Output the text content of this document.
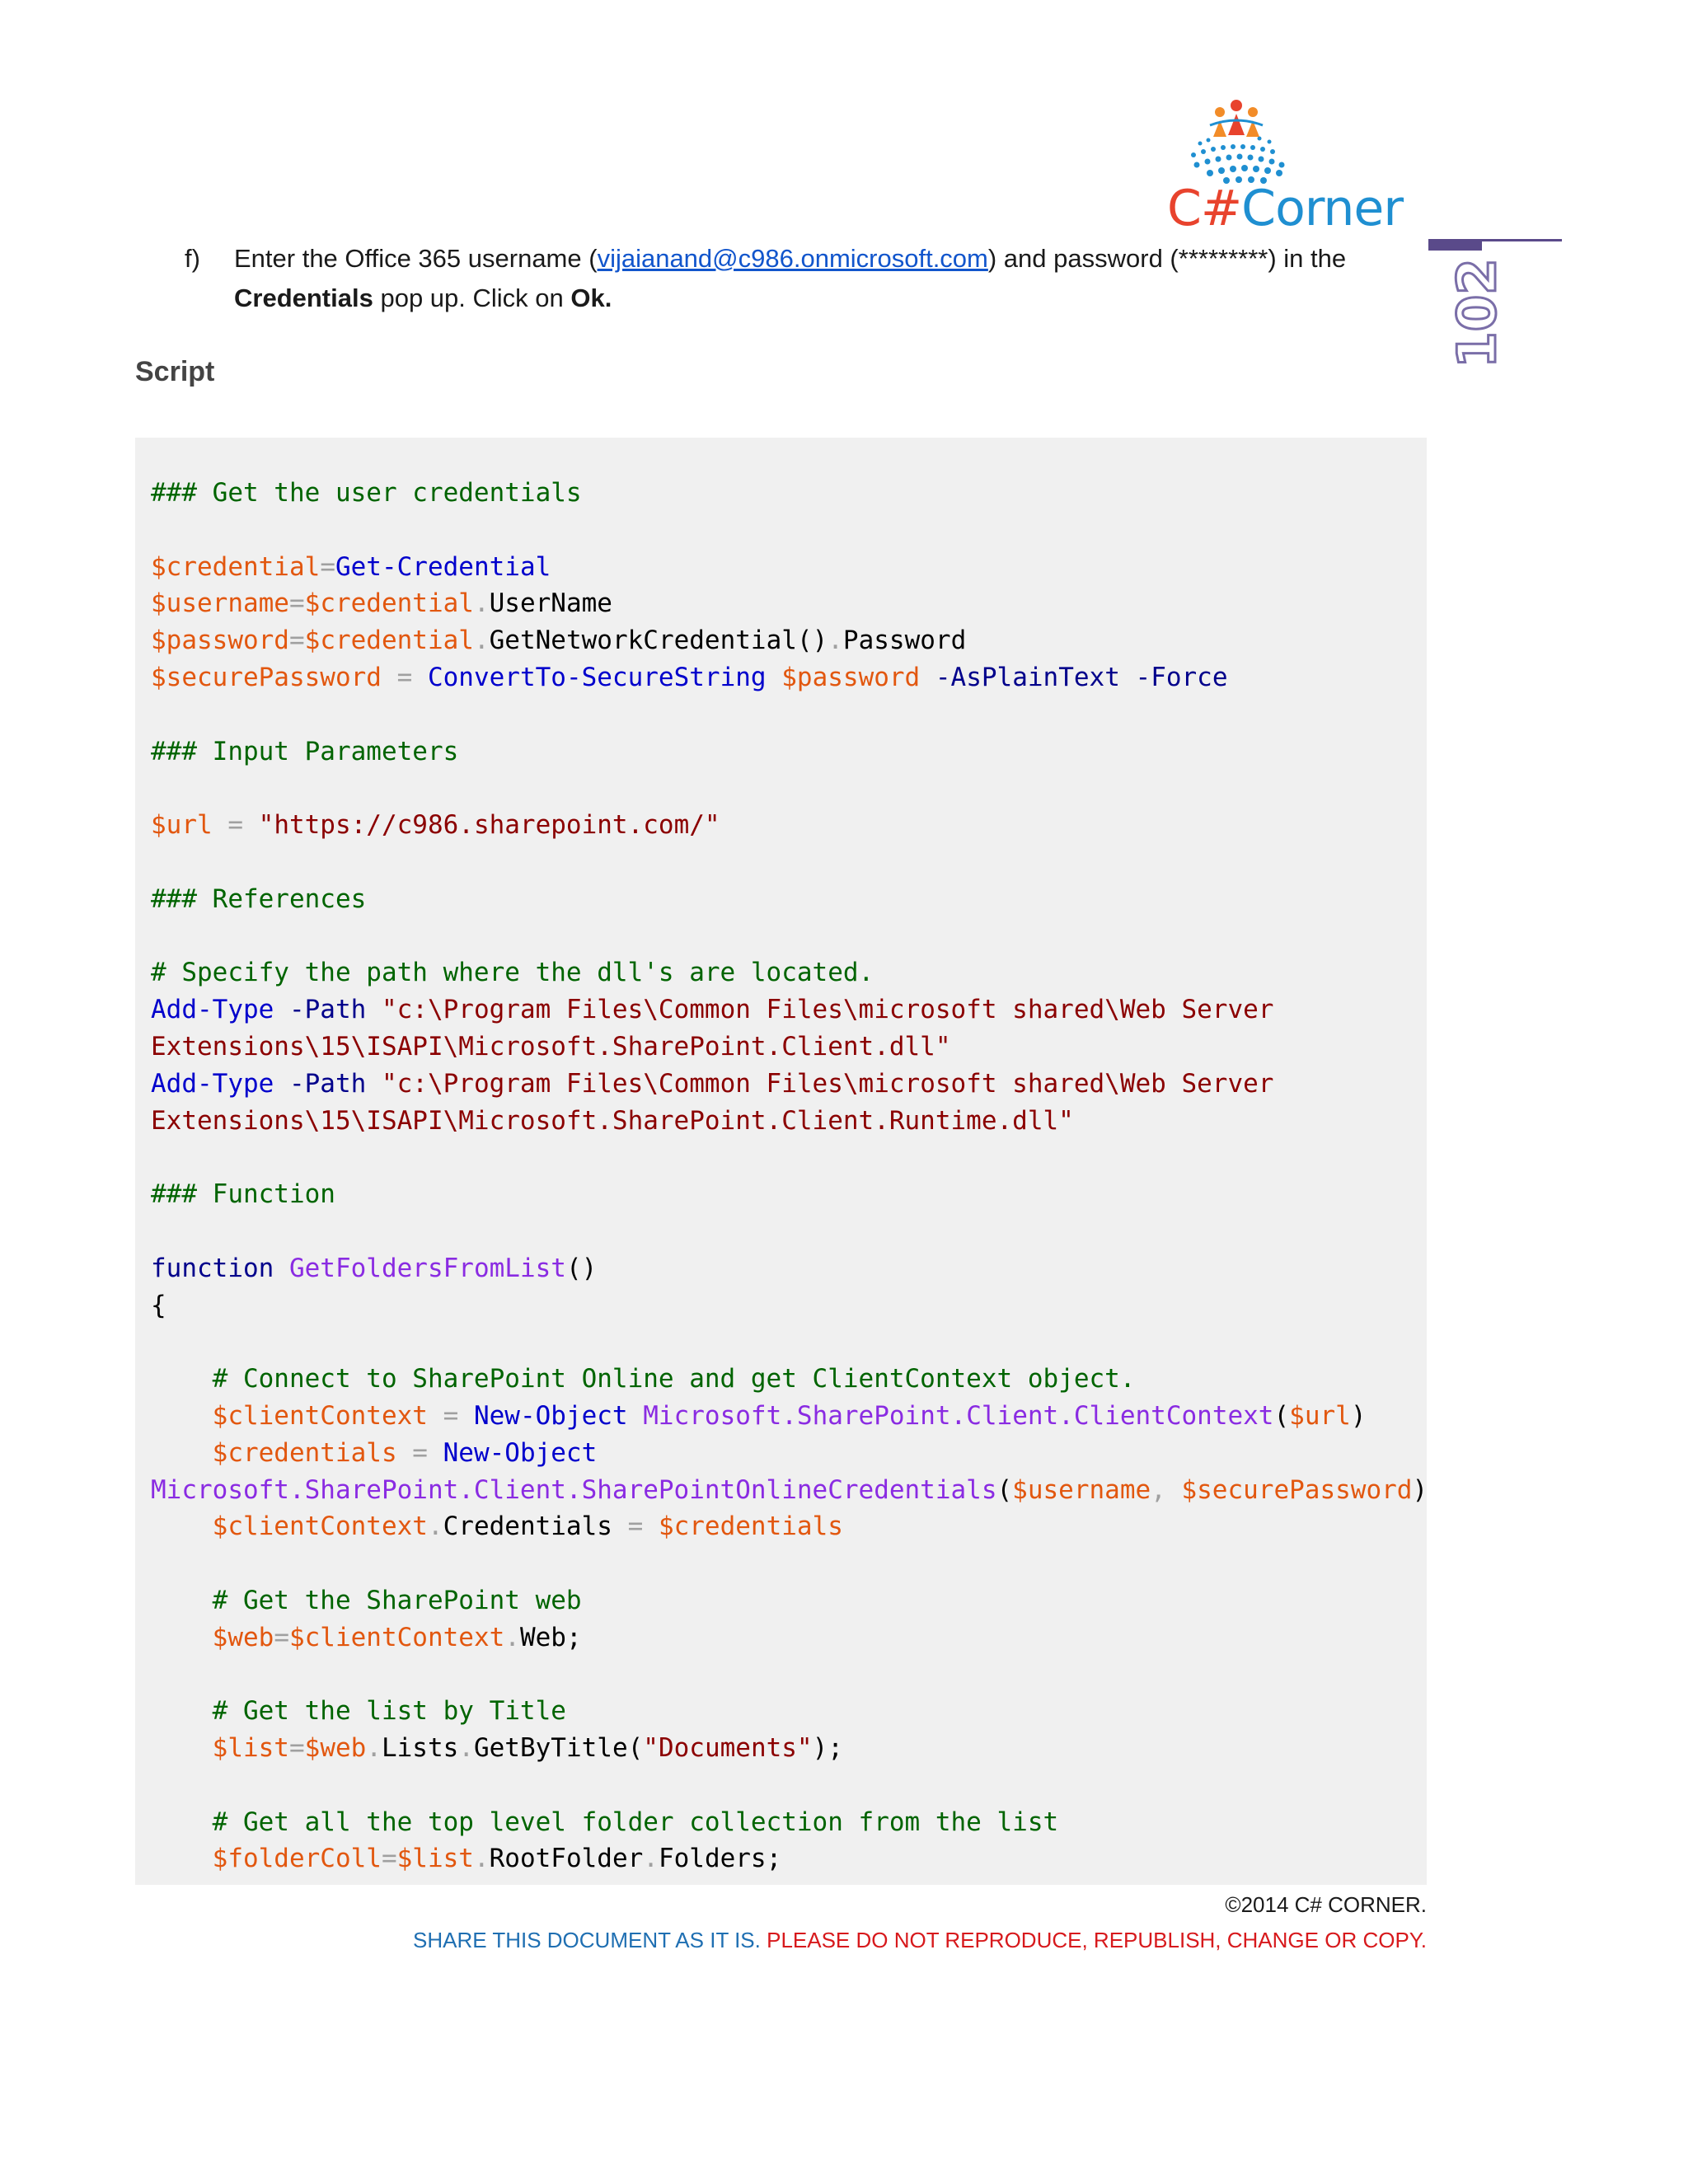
C#Corner
102
f) Enter the Office 365 username (vijaianand@c986.onmicrosoft.com) and password (*********) in the
Credentials pop up. Click on Ok.
Script
### Get the user credentials
$credential=Get-Credential
$username=$credential.UserName
$password=$credential.GetNetworkCredential().Password
$securePassword = ConvertTo-SecureString $password -AsPlainText -Force
### Input Parameters
$url = "https://c986.sharepoint.com/"
### References
# Specify the path where the dll's are located.
Add-Type -Path "c:\Program Files\Common Files\microsoft shared\Web Server
Extensions\15\ISAPI\Microsoft.SharePoint.Client.dll"
Add-Type -Path "c:\Program Files\Common Files\microsoft shared\Web Server
Extensions\15\ISAPI\Microsoft.SharePoint.Client.Runtime.dll"
### Function
function GetFoldersFromList()
{
# Connect to SharePoint Online and get ClientContext object.
$clientContext = New-Object Microsoft.SharePoint.Client.ClientContext($url)
$credentials = New-Object
Microsoft.SharePoint.Client.SharePointOnlineCredentials($username, $securePassword)
$clientContext.Credentials = $credentials
# Get the SharePoint web
$web=$clientContext.Web;
# Get the list by Title
$list=$web.Lists.GetByTitle("Documents");
# Get all the top level folder collection from the list
$folderColl=$list.RootFolder.Folders;
©2014 C# CORNER.
SHARE THIS DOCUMENT AS IT IS. PLEASE DO NOT REPRODUCE, REPUBLISH, CHANGE OR COPY.
